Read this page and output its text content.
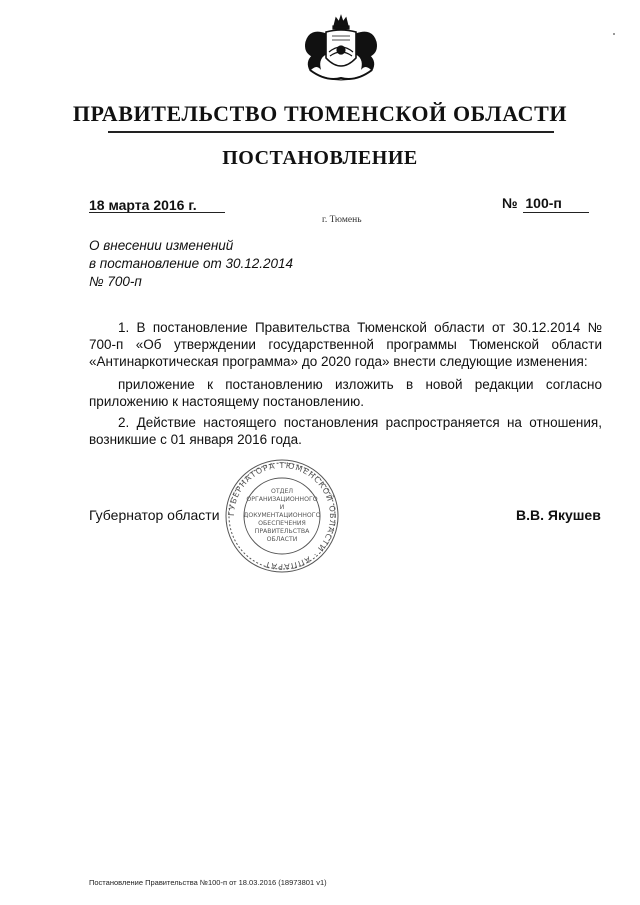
ПРАВИТЕЛЬСТВО ТЮМЕНСКОЙ ОБЛАСТИ
ПОСТАНОВЛЕНИЕ
18 марта 2016 г.	№  100-п
г. Тюмень
О внесении изменений
в постановление от 30.12.2014
№ 700-п
1. В постановление Правительства Тюменской области от 30.12.2014 № 700-п «Об утверждении государственной программы Тюменской области «Антинаркотическая программа» до 2020 года» внести следующие изменения:
приложение к постановлению изложить в новой редакции согласно приложению к настоящему постановлению.
2. Действие настоящего постановления распространяется на отношения, возникшие с 01 января 2016 года.
ГУБЕРНАТОРА ТЮМЕНСКОЙ ОБЛАСТИ · АППАРАТ
ОТДЕЛ
ОРГАНИЗАЦИОННОГО
И
ДОКУМЕНТАЦИОННОГО
ОБЕСПЕЧЕНИЯ
ПРАВИТЕЛЬСТВА
ОБЛАСТИ
Губернатор области	В.В. Якушев
Постановление Правительства №100-п от 18.03.2016 (18973801 v1)
